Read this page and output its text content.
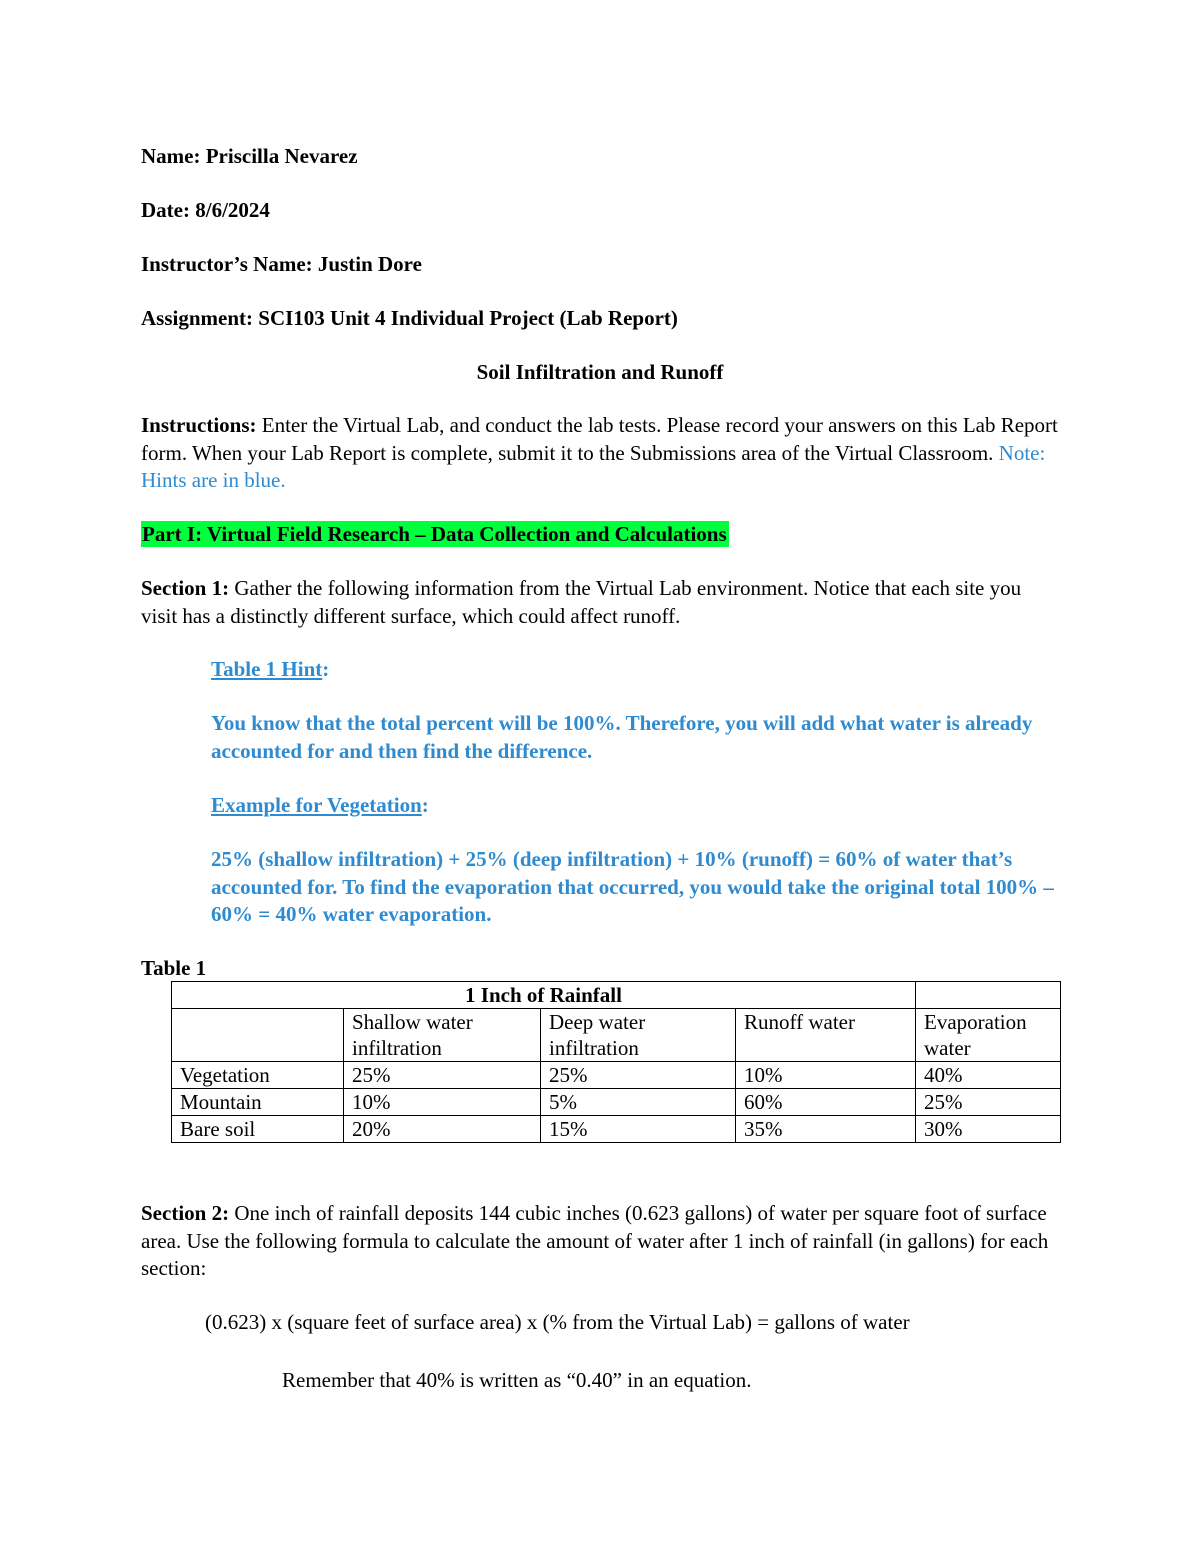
Name: Priscilla Nevarez
Date: 8/6/2024
Instructor’s Name: Justin Dore
Assignment: SCI103 Unit 4 Individual Project (Lab Report)
Soil Infiltration and Runoff
Instructions: Enter the Virtual Lab, and conduct the lab tests. Please record your answers on this Lab Report form. When your Lab Report is complete, submit it to the Submissions area of the Virtual Classroom. Note: Hints are in blue.
Part I: Virtual Field Research – Data Collection and Calculations
Section 1: Gather the following information from the Virtual Lab environment. Notice that each site you visit has a distinctly different surface, which could affect runoff.
Table 1 Hint:
You know that the total percent will be 100%. Therefore, you will add what water is already accounted for and then find the difference.
Example for Vegetation:
25% (shallow infiltration) + 25% (deep infiltration) + 10% (runoff) = 60% of water that’s accounted for. To find the evaporation that occurred, you would take the original total 100% – 60% = 40% water evaporation.
Table 1
1 Inch of Rainfall				
	Shallow water infiltration	Deep water infiltration	Runoff water	Evaporation water
Vegetation	25%	25%	10%	40%
Mountain	10%	5%	60%	25%
Bare soil	20%	15%	35%	30%
Section 2: One inch of rainfall deposits 144 cubic inches (0.623 gallons) of water per square foot of surface area. Use the following formula to calculate the amount of water after 1 inch of rainfall (in gallons) for each section:
(0.623) x (square feet of surface area) x (% from the Virtual Lab) = gallons of water
Remember that 40% is written as “0.40” in an equation.
